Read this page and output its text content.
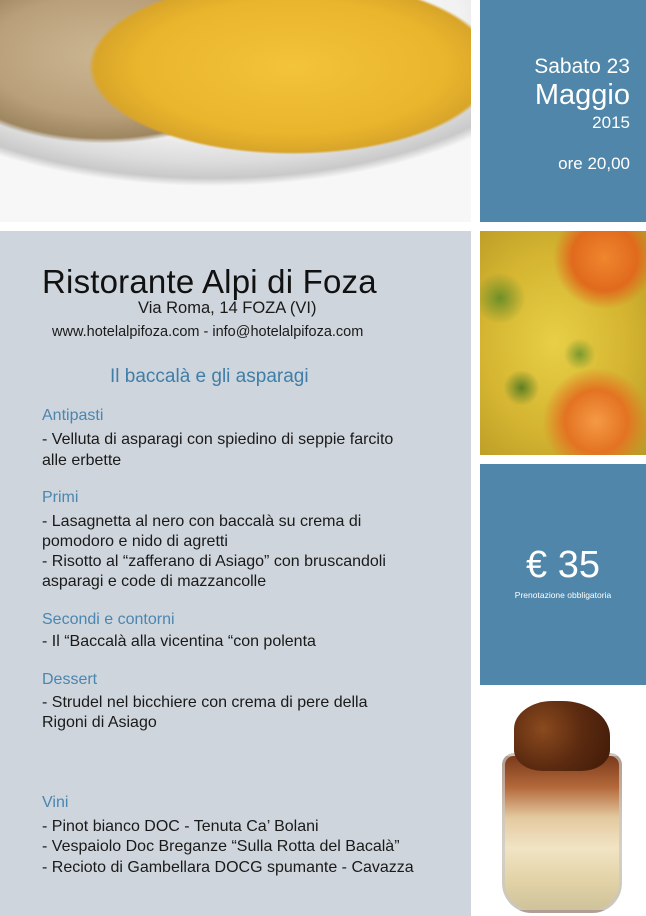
Sabato 23
Maggio
2015
ore 20,00
Ristorante Alpi di Foza
Via Roma, 14 FOZA (VI)
www.hotelalpifoza.com - info@hotelalpifoza.com
Il baccalà e gli asparagi
Antipasti
- Velluta di asparagi con spiedino di seppie farcito
alle erbette
Primi
- Lasagnetta al nero con baccalà su crema di
pomodoro e nido di agretti
- Risotto al “zafferano di Asiago” con bruscandoli
asparagi e code di mazzancolle
Secondi e contorni
- Il “Baccalà alla vicentina “con polenta
Dessert
- Strudel nel bicchiere con crema di pere della
Rigoni di Asiago
Vini
- Pinot bianco DOC - Tenuta Ca’ Bolani
- Vespaiolo Doc Breganze “Sulla Rotta del Bacalà”
- Recioto di Gambellara DOCG spumante - Cavazza
€ 35
Prenotazione obbligatoria
